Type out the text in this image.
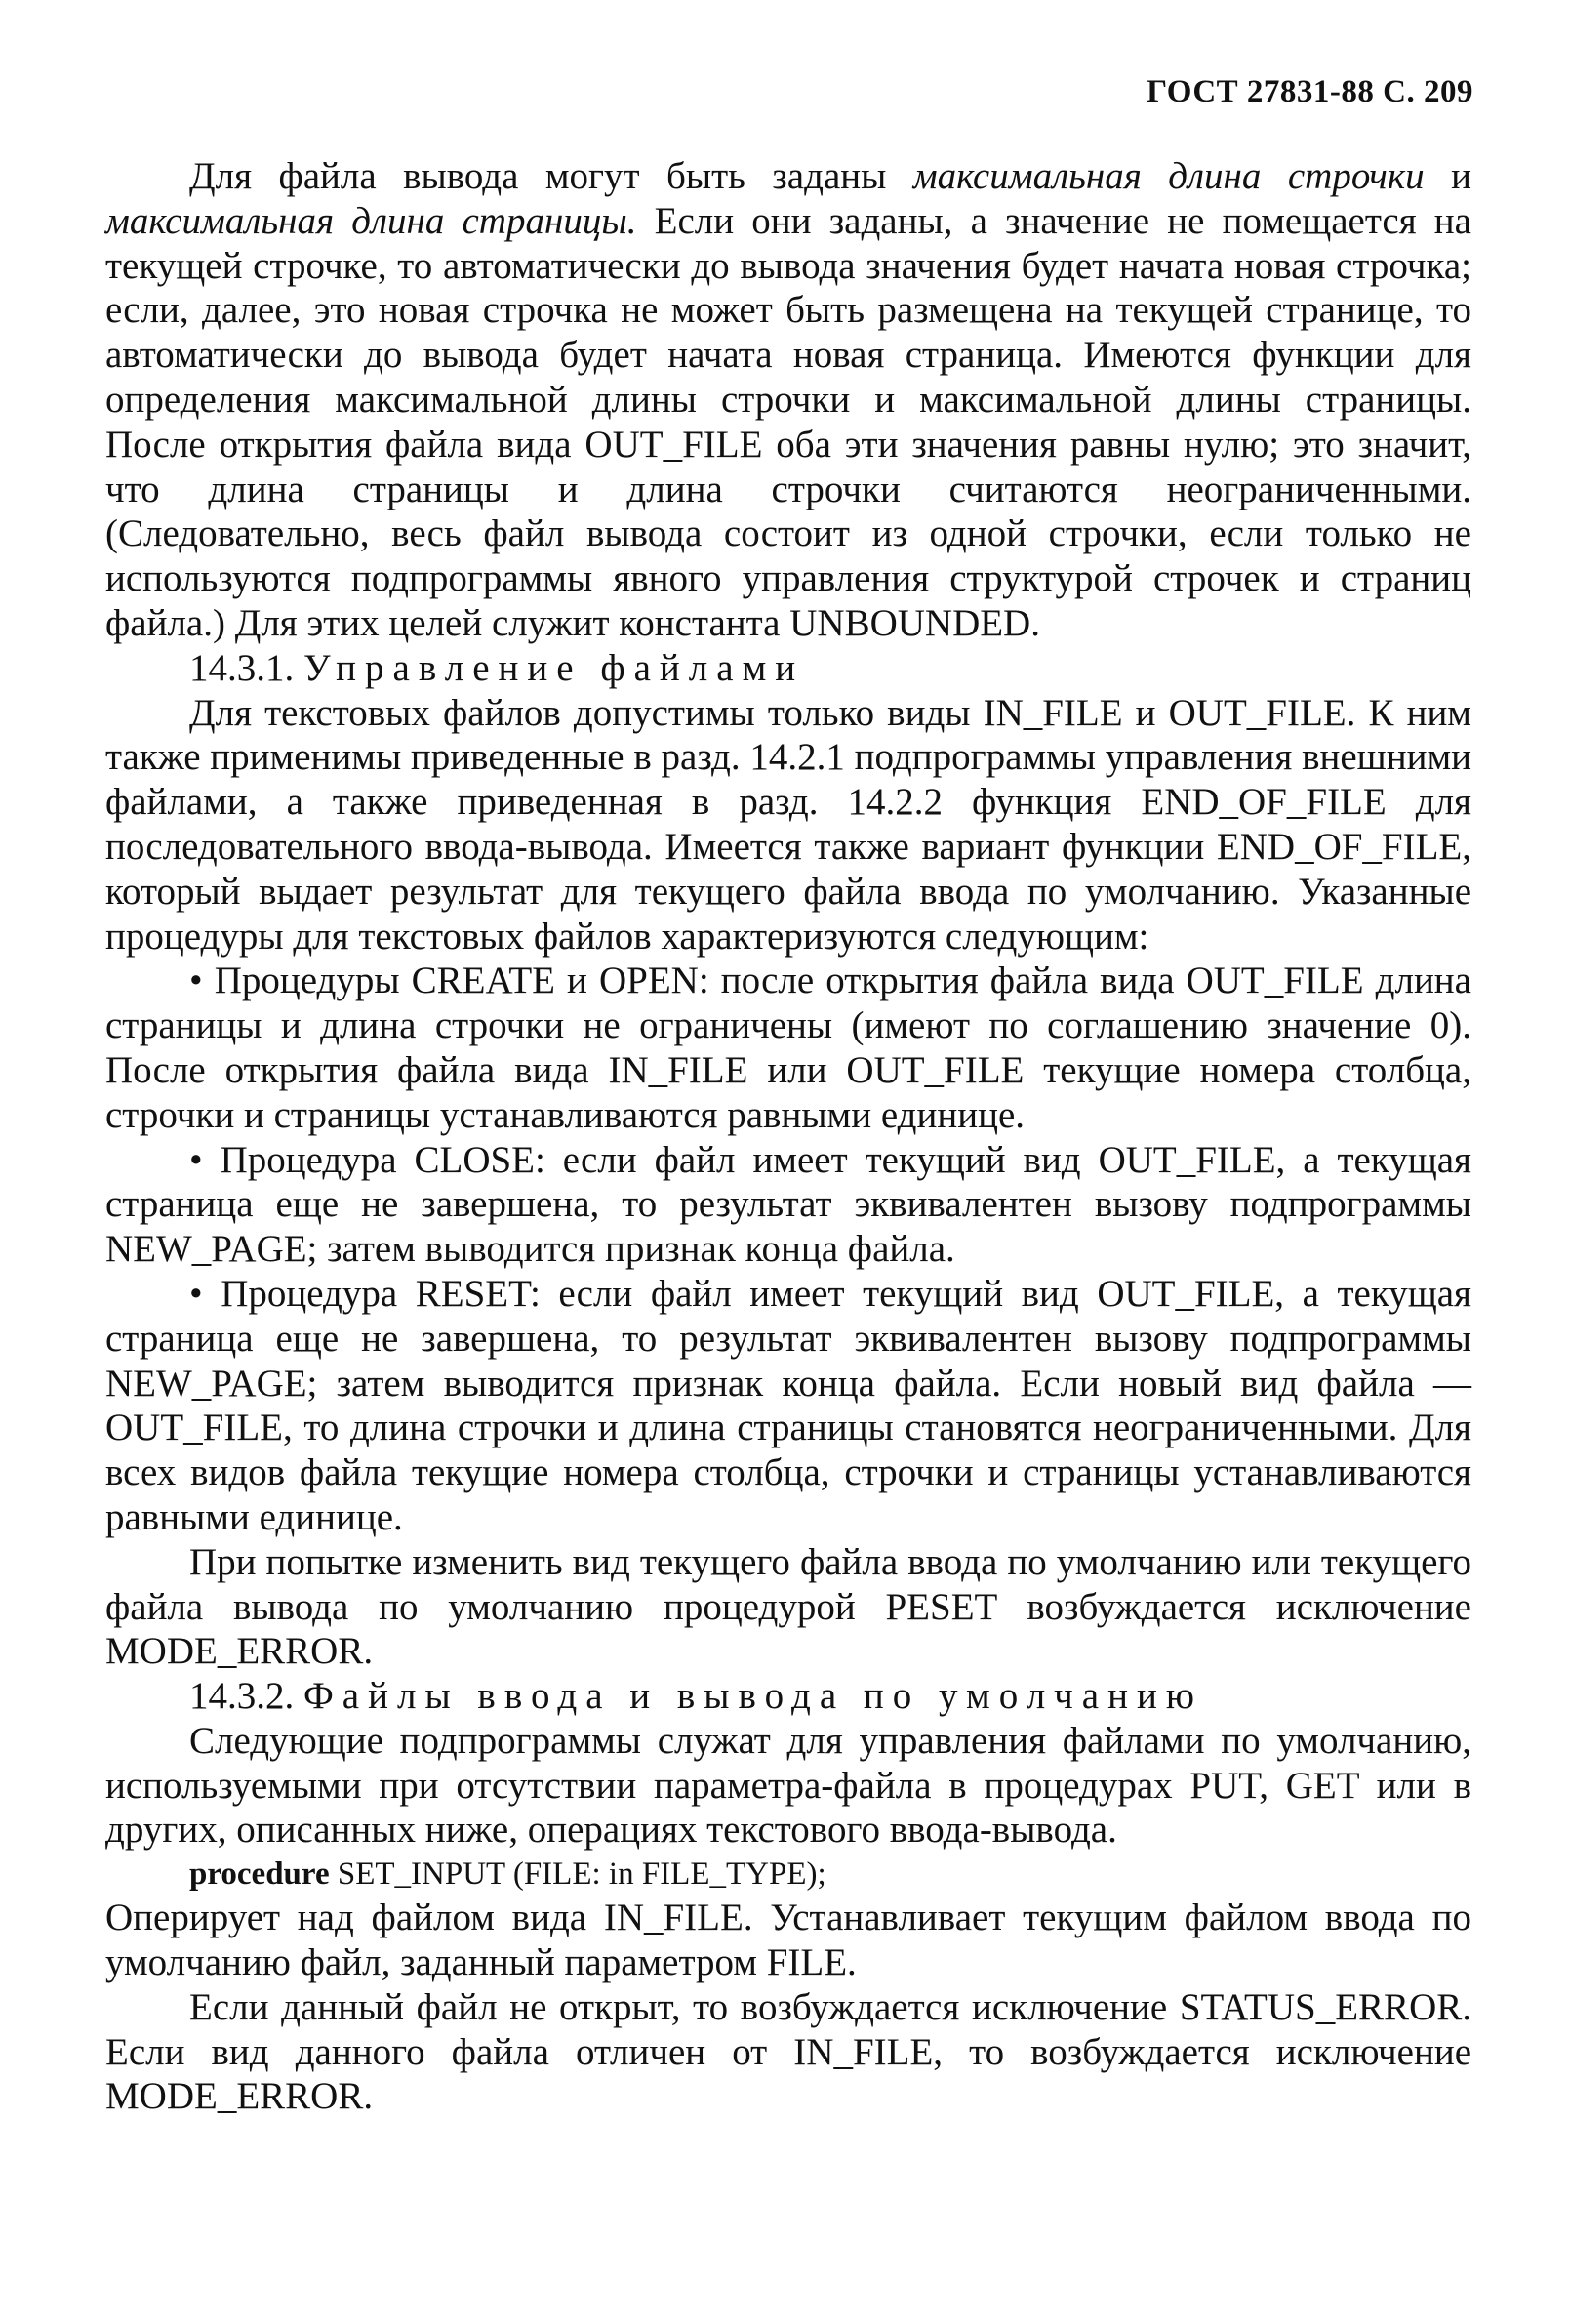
ГОСТ 27831-88 С. 209

Для файла вывода могут быть заданы максимальная длина строчки и максимальная длина страницы. Если они заданы, а значение не помещается на текущей строчке, то автоматически до вывода значения будет начата новая строчка; если, далее, это новая строчка не может быть размещена на текущей странице, то автоматически до вывода будет начата новая страница. Имеются функции для определения максимальной длины строчки и максимальной длины страницы. После открытия файла вида OUT_FILE оба эти значения равны нулю; это значит, что длина страницы и длина строчки считаются неограниченными. (Следовательно, весь файл вывода состоит из одной строчки, если только не используются подпрограммы явного управления структурой строчек и страниц файла.) Для этих целей служит константа UNBOUNDED.

14.3.1. Управление файлами

Для текстовых файлов допустимы только виды IN_FILE и OUT_FILE. К ним также применимы приведенные в разд. 14.2.1 подпрограммы управления внешними файлами, а также приведенная в разд. 14.2.2 функция END_OF_FILE для последовательного ввода-вывода. Имеется также вариант функции END_OF_FILE, который выдает результат для текущего файла ввода по умолчанию. Указанные процедуры для текстовых файлов характеризуются следующим:

• Процедуры CREATE и OPEN: после открытия файла вида OUT_FILE длина страницы и длина строчки не ограничены (имеют по соглашению значение 0). После открытия файла вида IN_FILE или OUT_FILE текущие номера столбца, строчки и страницы устанавливаются равными единице.

• Процедура CLOSE: если файл имеет текущий вид OUT_FILE, а текущая страница еще не завершена, то результат эквивалентен вызову подпрограммы NEW_PAGE; затем выводится признак конца файла.

• Процедура RESET: если файл имеет текущий вид OUT_FILE, а текущая страница еще не завершена, то результат эквивалентен вызову подпрограммы NEW_PAGE; затем выводится признак конца файла. Если новый вид файла — OUT_FILE, то длина строчки и длина страницы становятся неограниченными. Для всех видов файла текущие номера столбца, строчки и страницы устанавливаются равными единице.

При попытке изменить вид текущего файла ввода по умолчанию или текущего файла вывода по умолчанию процедурой PESET возбуждается исключение MODE_ERROR.

14.3.2. Файлы ввода и вывода по умолчанию

Следующие подпрограммы служат для управления файлами по умолчанию, используемыми при отсутствии параметра-файла в процедурах PUT, GET или в других, описанных ниже, операциях текстового ввода-вывода.

procedure SET_INPUT (FILE: in FILE_TYPE);

Оперирует над файлом вида IN_FILE. Устанавливает текущим файлом ввода по умолчанию файл, заданный параметром FILE.

Если данный файл не открыт, то возбуждается исключение STATUS_ERROR. Если вид данного файла отличен от IN_FILE, то возбуждается исключение MODE_ERROR.
